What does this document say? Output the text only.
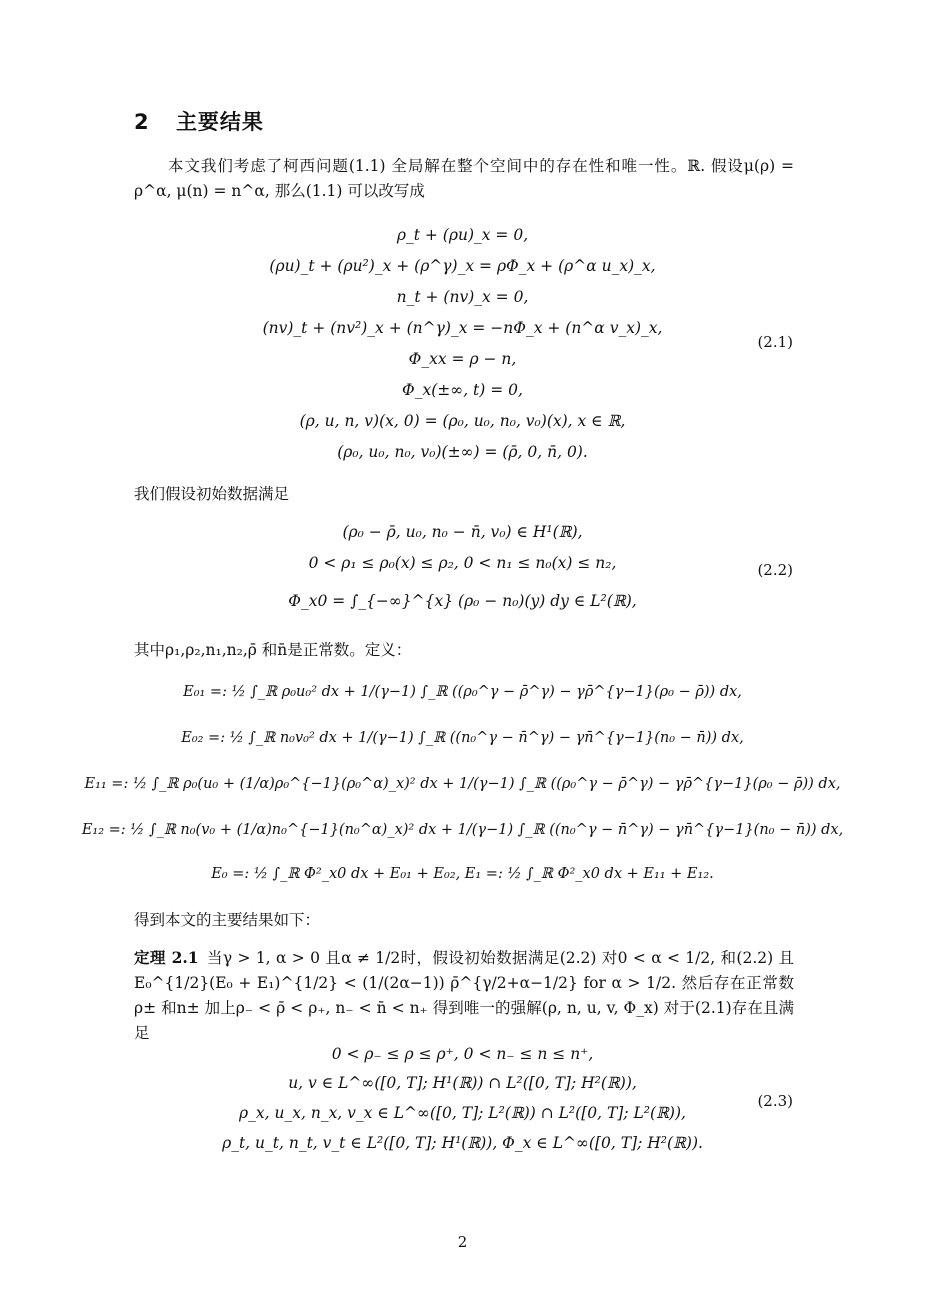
2 主要结果
本文我们考虑了柯西问题(1.1) 全局解在整个空间中的存在性和唯一性。ℝ. 假设μ(ρ) = ρ^α, μ(n) = n^α, 那么(1.1) 可以改写成
ρ_t + (ρu)_x = 0,
(ρu)_t + (ρu²)_x + (ρ^γ)_x = ρΦ_x + (ρ^α u_x)_x,
n_t + (nv)_x = 0,
(nv)_t + (nv²)_x + (n^γ)_x = −nΦ_x + (n^α v_x)_x,
Φ_xx = ρ − n,
Φ_x(±∞, t) = 0,
(ρ, u, n, v)(x, 0) = (ρ₀, u₀, n₀, v₀)(x), x ∈ ℝ,
(ρ₀, u₀, n₀, v₀)(±∞) = (ρ̄, 0, n̄, 0).
(2.1)
我们假设初始数据满足
(ρ₀ − ρ̄, u₀, n₀ − n̄, v₀) ∈ H¹(ℝ),
0 < ρ₁ ≤ ρ₀(x) ≤ ρ₂, 0 < n₁ ≤ n₀(x) ≤ n₂,
Φ_x0 = ∫_{−∞}^{x} (ρ₀ − n₀)(y) dy ∈ L²(ℝ),
(2.2)
其中ρ₁,ρ₂,n₁,n₂,ρ̄ 和n̄是正常数。定义：
E₀₁ =: ½ ∫_ℝ ρ₀u₀² dx + 1/(γ−1) ∫_ℝ ((ρ₀^γ − ρ̄^γ) − γρ̄^{γ−1}(ρ₀ − ρ̄)) dx,
E₀₂ =: ½ ∫_ℝ n₀v₀² dx + 1/(γ−1) ∫_ℝ ((n₀^γ − n̄^γ) − γn̄^{γ−1}(n₀ − n̄)) dx,
E₁₁ =: ½ ∫_ℝ ρ₀(u₀ + (1/α)ρ₀^{−1}(ρ₀^α)_x)² dx + 1/(γ−1) ∫_ℝ ((ρ₀^γ − ρ̄^γ) − γρ̄^{γ−1}(ρ₀ − ρ̄)) dx,
E₁₂ =: ½ ∫_ℝ n₀(v₀ + (1/α)n₀^{−1}(n₀^α)_x)² dx + 1/(γ−1) ∫_ℝ ((n₀^γ − n̄^γ) − γn̄^{γ−1}(n₀ − n̄)) dx,
E₀ =: ½ ∫_ℝ Φ²_x0 dx + E₀₁ + E₀₂, E₁ =: ½ ∫_ℝ Φ²_x0 dx + E₁₁ + E₁₂.
得到本文的主要结果如下：
定理 2.1 当γ > 1, α > 0 且α ≠ 1/2时，假设初始数据满足(2.2) 对0 < α < 1/2, 和(2.2) 且E₀^{1/2}(E₀ + E₁)^{1/2} < (1/(2α−1)) ρ̄^{γ/2+α−1/2} for α > 1/2. 然后存在正常数ρ± 和n± 加上ρ₋ < ρ̄ < ρ₊, n₋ < n̄ < n₊ 得到唯一的强解(ρ, n, u, v, Φ_x) 对于(2.1)存在且满足
0 < ρ₋ ≤ ρ ≤ ρ⁺, 0 < n₋ ≤ n ≤ n⁺,
u, v ∈ L^∞([0, T]; H¹(ℝ)) ∩ L²([0, T]; H²(ℝ)),
ρ_x, u_x, n_x, v_x ∈ L^∞([0, T]; L²(ℝ)) ∩ L²([0, T]; L²(ℝ)),
ρ_t, u_t, n_t, v_t ∈ L²([0, T]; H¹(ℝ)), Φ_x ∈ L^∞([0, T]; H²(ℝ)).
(2.3)
2
